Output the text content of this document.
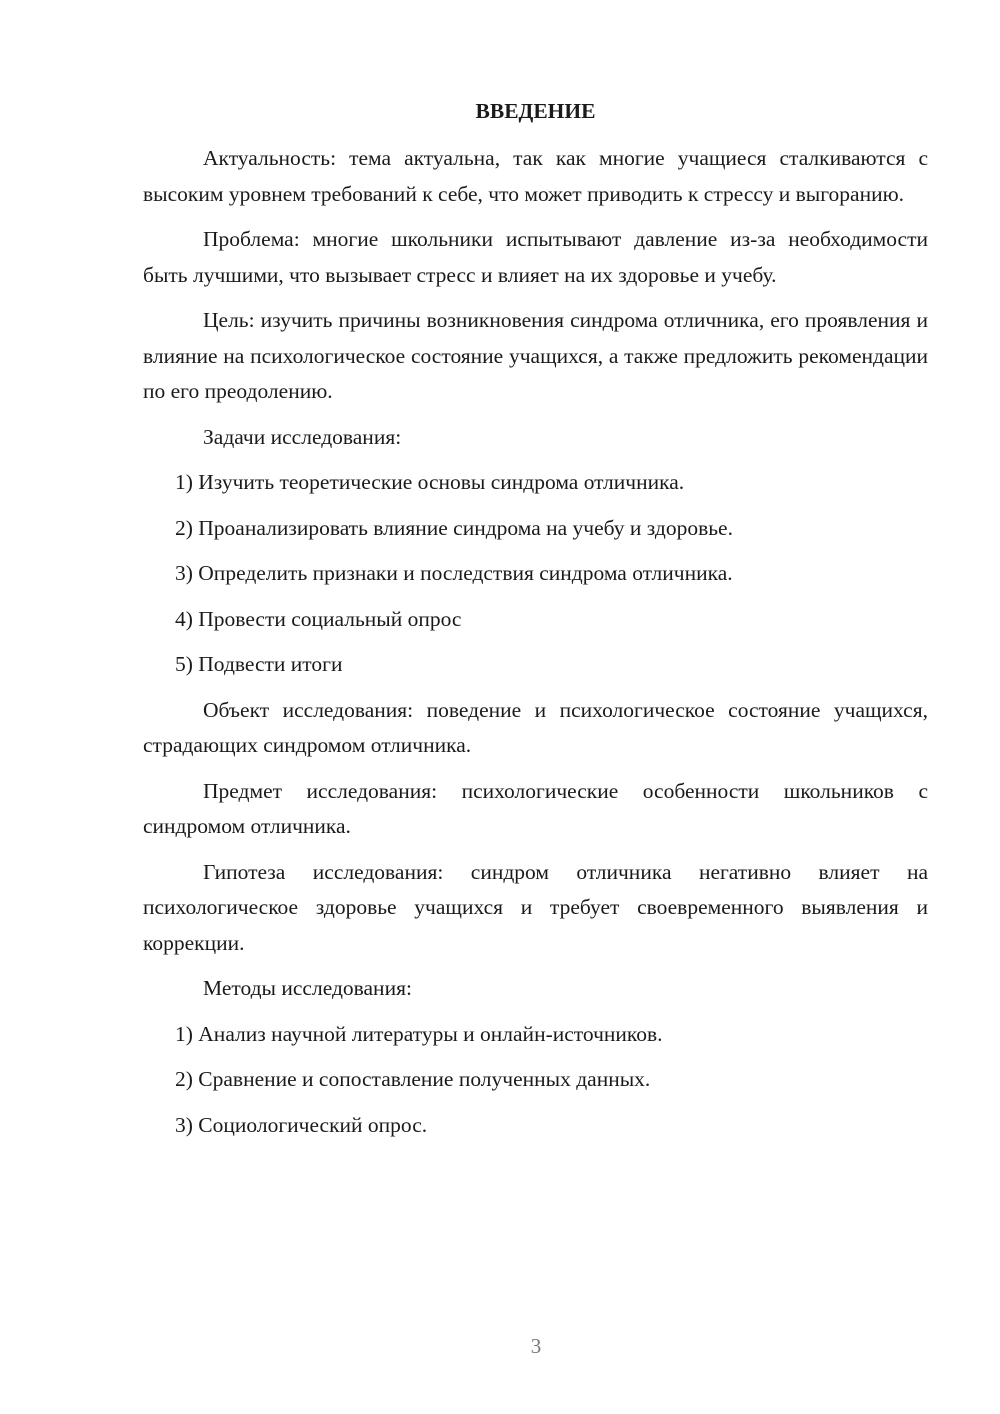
ВВЕДЕНИЕ

Актуальность: тема актуальна, так как многие учащиеся сталкиваются с высоким уровнем требований к себе, что может приводить к стрессу и выгоранию.

Проблема: многие школьники испытывают давление из-за необходимости быть лучшими, что вызывает стресс и влияет на их здоровье и учебу.

Цель: изучить причины возникновения синдрома отличника, его проявления и влияние на психологическое состояние учащихся, а также предложить рекомендации по его преодолению.

Задачи исследования:

1) Изучить теоретические основы синдрома отличника.
2) Проанализировать влияние синдрома на учебу и здоровье.
3) Определить признаки и последствия синдрома отличника.
4) Провести социальный опрос
5) Подвести итоги

Объект исследования: поведение и психологическое состояние учащихся, страдающих синдромом отличника.

Предмет исследования: психологические особенности школьников с синдромом отличника.

Гипотеза исследования: синдром отличника негативно влияет на психологическое здоровье учащихся и требует своевременного выявления и коррекции.

Методы исследования:

1) Анализ научной литературы и онлайн-источников.
2) Сравнение и сопоставление полученных данных.
3) Социологический опрос.
3
